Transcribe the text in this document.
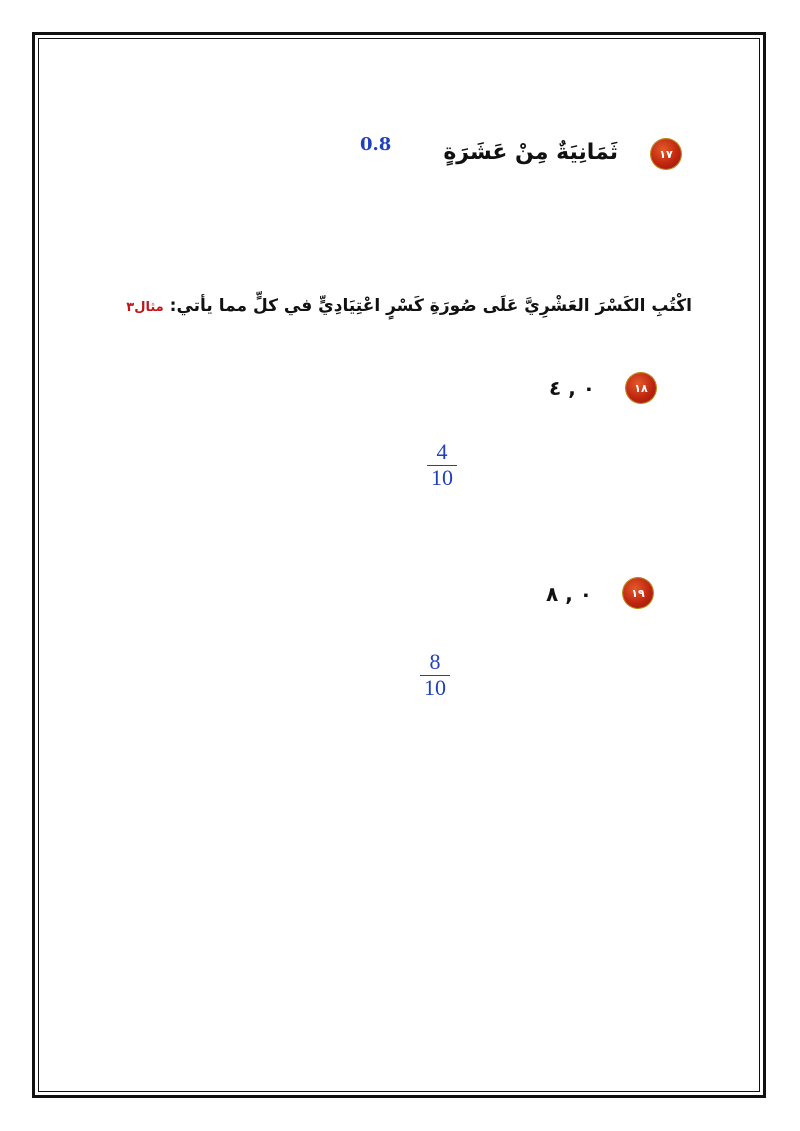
١٧
ثَمَانِيَةٌ مِنْ عَشَرَةٍ
0.8
اكْتُبِ الكَسْرَ العَشْرِيَّ عَلَى صُورَةِ كَسْرٍ اعْتِيَادِيٍّ في كلٍّ مما يأتي: مثال٣
١٨
٠ , ٤
4
10
١٩
٠ , ٨
8
10
